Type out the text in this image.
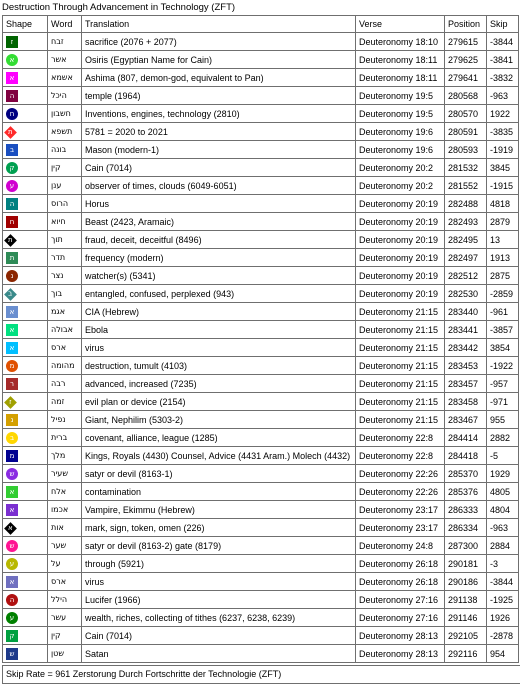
Destruction Through Advancement in Technology (ZFT)
Shape	Word	Translation	Verse	Position	Skip
ז	זבח	sacrifice (2076 + 2077)	Deuteronomy 18:10	279615	-3844
א	אשר	Osiris (Egyptian Name for Cain)	Deuteronomy 18:11	279625	-3841
א	אשמא	Ashima (807, demon-god, equivalent to Pan)	Deuteronomy 18:11	279641	-3832
ה	היכל	temple (1964)	Deuteronomy 19:5	280568	-963
ח	חשבון	Inventions, engines, technology (2810)	Deuteronomy 19:5	280570	1922
ת	תשפא	5781 = 2020 to 2021	Deuteronomy 19:6	280591	-3835
ב	בונה	Mason (modern-1)	Deuteronomy 19:6	280593	-1919
ק	קין	Cain (7014)	Deuteronomy 20:2	281532	3845
ע	ענן	observer of times, clouds (6049-6051)	Deuteronomy 20:2	281552	-1915
ה	הרוס	Horus	Deuteronomy 20:19	282488	4818
ח	חיוא	Beast (2423, Aramaic)	Deuteronomy 20:19	282493	2879
ת	תוך	fraud, deceit, deceitful (8496)	Deuteronomy 20:19	282495	13
ת	תדר	frequency (modern)	Deuteronomy 20:19	282497	1913
נ	נצר	watcher(s) (5341)	Deuteronomy 20:19	282512	2875
ב	בוך	entangled, confused, perplexed (943)	Deuteronomy 20:19	282530	-2859
א	אגמ	CIA (Hebrew)	Deuteronomy 21:15	283440	-961
א	אבולה	Ebola	Deuteronomy 21:15	283441	-3857
א	ארס	virus	Deuteronomy 21:15	283442	3854
מ	מהומה	destruction, tumult (4103)	Deuteronomy 21:15	283453	-1922
ר	רבה	advanced, increased (7235)	Deuteronomy 21:15	283457	-957
ז	זמה	evil plan or device (2154)	Deuteronomy 21:15	283458	-971
נ	נפיל	Giant, Nephilim (5303-2)	Deuteronomy 21:15	283467	955
ב	ברית	covenant, alliance, league (1285)	Deuteronomy 22:8	284414	2882
מ	מלך	Kings, Royals (4430) Counsel, Advice (4431 Aram.) Molech (4432)	Deuteronomy 22:8	284418	-5
ש	שעיר	satyr or devil (8163-1)	Deuteronomy 22:26	285370	1929
א	אלח	contamination	Deuteronomy 22:26	285376	4805
א	אכמו	Vampire, Ekimmu (Hebrew)	Deuteronomy 23:17	286333	4804
א	אות	mark, sign, token, omen (226)	Deuteronomy 23:17	286334	-963
ש	שער	satyr or devil (8163-2) gate (8179)	Deuteronomy 24:8	287300	2884
ע	על	through (5921)	Deuteronomy 26:18	290181	-3
א	ארס	virus	Deuteronomy 26:18	290186	-3844
ה	הילל	Lucifer (1966)	Deuteronomy 27:16	291138	-1925
ע	עשר	wealth, riches, collecting of tithes (6237, 6238, 6239)	Deuteronomy 27:16	291146	1926
ק	קין	Cain (7014)	Deuteronomy 28:13	292105	-2878
ש	שטן	Satan	Deuteronomy 28:13	292116	954
Skip Rate = 961 Zerstorung Durch Fortschritte der Technologie (ZFT)
